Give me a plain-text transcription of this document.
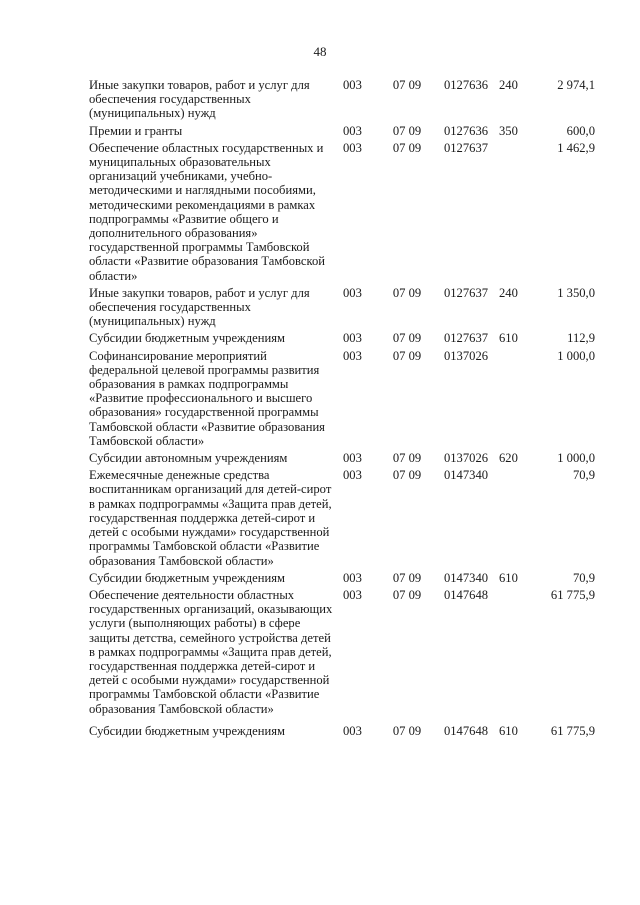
48
Иные закупки товаров, работ и услуг для обеспечения государственных (муниципальных) нужд	003	07 09	0127636	240	2 974,1
Премии и гранты	003	07 09	0127636	350	600,0
Обеспечение областных государственных и муниципальных образовательных организаций учебниками, учебно-методическими и наглядными пособиями, методическими рекомендациями в рамках подпрограммы «Развитие общего и дополнительного образования» государственной программы Тамбовской области «Развитие образования Тамбовской области»	003	07 09	0127637		1 462,9
Иные закупки товаров, работ и услуг для обеспечения государственных (муниципальных) нужд	003	07 09	0127637	240	1 350,0
Субсидии бюджетным учреждениям	003	07 09	0127637	610	112,9
Софинансирование мероприятий федеральной целевой программы развития образования в рамках подпрограммы «Развитие профессионального и высшего образования» государственной программы Тамбовской области «Развитие образования Тамбовской области»	003	07 09	0137026		1 000,0
Субсидии автономным учреждениям	003	07 09	0137026	620	1 000,0
Ежемесячные денежные средства воспитанникам организаций для детей-сирот в рамках подпрограммы «Защита прав детей, государственная поддержка детей-сирот и детей с особыми нуждами» государственной программы Тамбовской области «Развитие образования Тамбовской области»	003	07 09	0147340		70,9
Субсидии бюджетным учреждениям	003	07 09	0147340	610	70,9
Обеспечение деятельности областных государственных организаций, оказывающих услуги (выполняющих работы) в сфере защиты детства, семейного устройства детей в рамках подпрограммы «Защита прав детей, государственная поддержка детей-сирот и детей с особыми нуждами» государственной программы Тамбовской области «Развитие образования Тамбовской области»	003	07 09	0147648		61 775,9
Субсидии бюджетным учреждениям	003	07 09	0147648	610	61 775,9
